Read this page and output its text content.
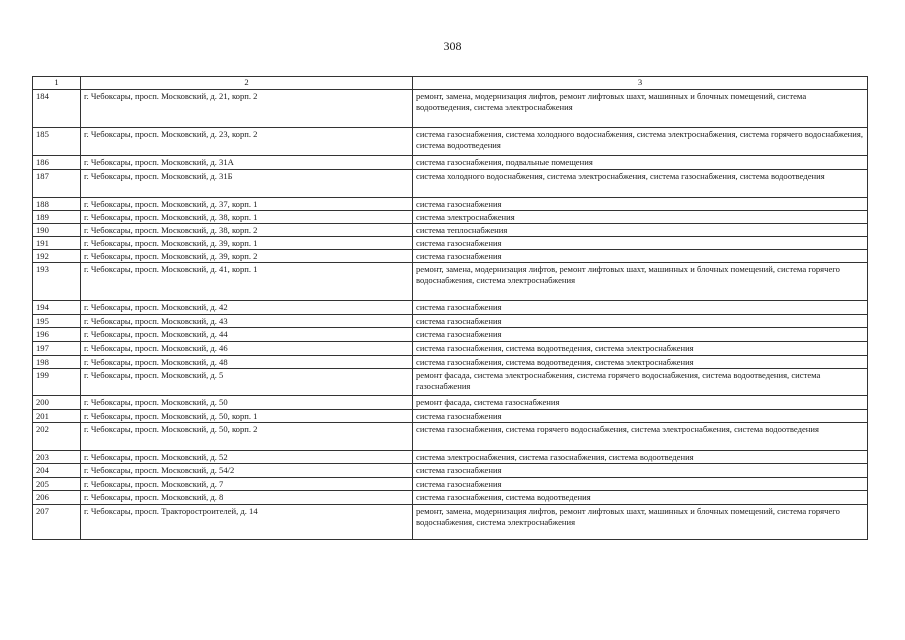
308
1	2	3
184	г. Чебоксары, просп. Московский, д. 21, корп. 2	ремонт, замена, модернизация лифтов, ремонт лифтовых шахт, машинных и блочных помещений, система водоотведения, система электроснабжения
185	г. Чебоксары, просп. Московский, д. 23, корп. 2	система газоснабжения, система холодного водоснабжения, система электроснабжения, система горячего водоснабжения, система водоотведения
186	г. Чебоксары, просп. Московский, д. 31А	система газоснабжения, подвальные помещения
187	г. Чебоксары, просп. Московский, д. 31Б	система холодного водоснабжения, система электроснабжения, система газоснабжения, система водоотведения
188	г. Чебоксары, просп. Московский, д. 37, корп. 1	система газоснабжения
189	г. Чебоксары, просп. Московский, д. 38, корп. 1	система электроснабжения
190	г. Чебоксары, просп. Московский, д. 38, корп. 2	система теплоснабжения
191	г. Чебоксары, просп. Московский, д. 39, корп. 1	система газоснабжения
192	г. Чебоксары, просп. Московский, д. 39, корп. 2	система газоснабжения
193	г. Чебоксары, просп. Московский, д. 41, корп. 1	ремонт, замена, модернизация лифтов, ремонт лифтовых шахт, машинных и блочных помещений, система горячего водоснабжения, система электроснабжения
194	г. Чебоксары, просп. Московский, д. 42	система газоснабжения
195	г. Чебоксары, просп. Московский, д. 43	система газоснабжения
196	г. Чебоксары, просп. Московский, д. 44	система газоснабжения
197	г. Чебоксары, просп. Московский, д. 46	система газоснабжения, система водоотведения, система электроснабжения
198	г. Чебоксары, просп. Московский, д. 48	система газоснабжения, система водоотведения, система электроснабжения
199	г. Чебоксары, просп. Московский, д. 5	ремонт фасада, система электроснабжения, система горячего водоснабжения, система водоотведения, система газоснабжения
200	г. Чебоксары, просп. Московский, д. 50	ремонт фасада, система газоснабжения
201	г. Чебоксары, просп. Московский, д. 50, корп. 1	система газоснабжения
202	г. Чебоксары, просп. Московский, д. 50, корп. 2	система газоснабжения, система горячего водоснабжения, система электроснабжения, система водоотведения
203	г. Чебоксары, просп. Московский, д. 52	система электроснабжения, система газоснабжения, система водоотведения
204	г. Чебоксары, просп. Московский, д. 54/2	система газоснабжения
205	г. Чебоксары, просп. Московский, д. 7	система газоснабжения
206	г. Чебоксары, просп. Московский, д. 8	система газоснабжения, система водоотведения
207	г. Чебоксары, просп. Тракторостроителей, д. 14	ремонт, замена, модернизация лифтов, ремонт лифтовых шахт, машинных и блочных помещений, система горячего водоснабжения, система электроснабжения
